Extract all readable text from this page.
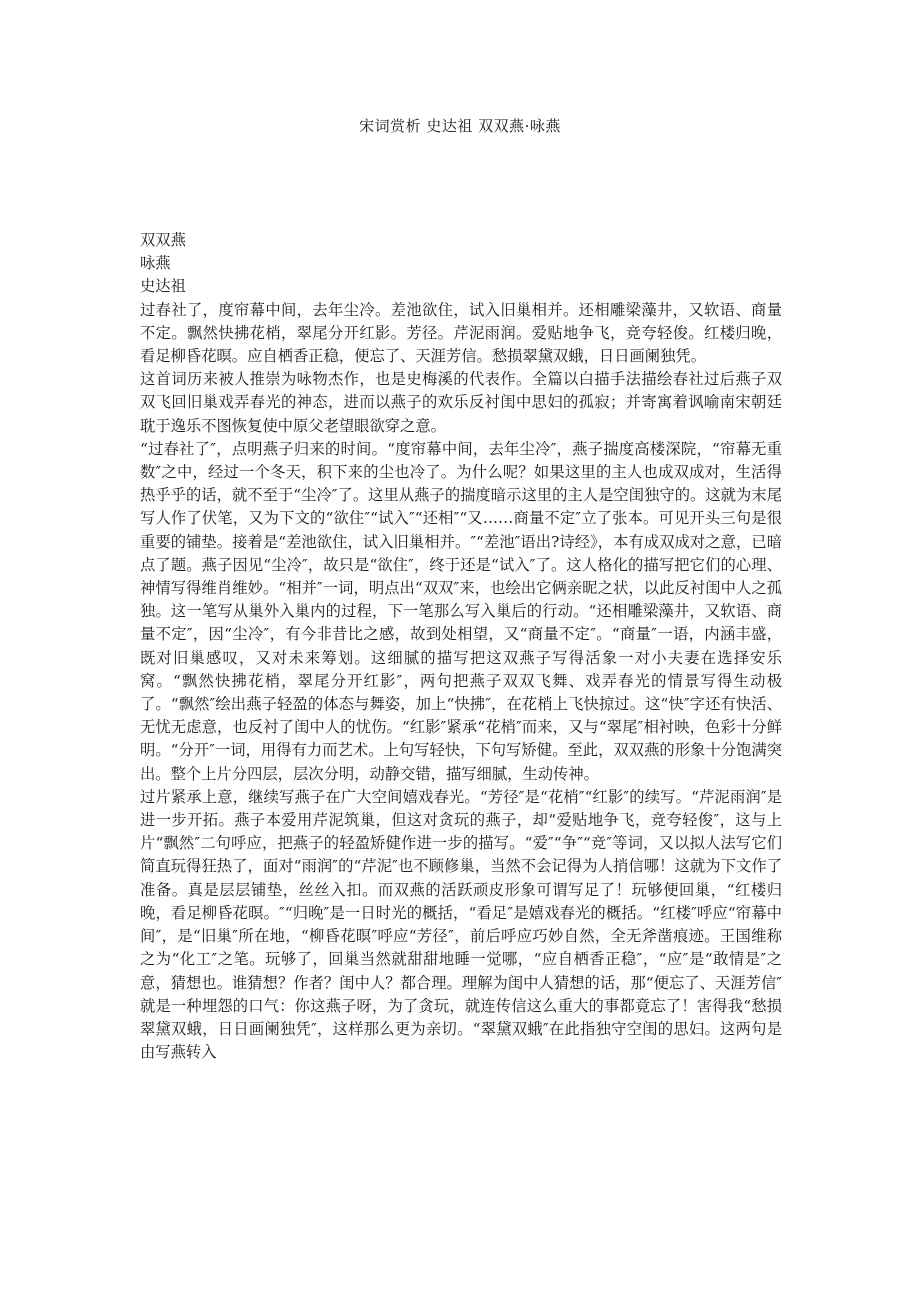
宋词赏析 史达祖 双双燕·咏燕

双双燕

咏燕

史达祖

过春社了，度帘幕中间，去年尘冷。差池欲住，试入旧巢相并。还相雕梁藻井，又软语、商量不定。飘然快拂花梢，翠尾分开红影。芳径。芹泥雨润。爱贴地争飞，竞夸轻俊。红楼归晚，看足柳昏花暝。应自栖香正稳，便忘了、天涯芳信。愁损翠黛双蛾，日日画阑独凭。

这首词历来被人推崇为咏物杰作，也是史梅溪的代表作。全篇以白描手法描绘春社过后燕子双双飞回旧巢戏弄春光的神态，进而以燕子的欢乐反衬闺中思妇的孤寂；并寄寓着讽喻南宋朝廷耽于逸乐不图恢复使中原父老望眼欲穿之意。

“过春社了″，点明燕子归来的时间。“度帘幕中间，去年尘冷″，燕子揣度高楼深院，“帘幕无重数″之中，经过一个冬天，积下来的尘也冷了。为什么呢？如果这里的主人也成双成对，生活得热乎乎的话，就不至于“尘冷″了。这里从燕子的揣度暗示这里的主人是空闺独守的。这就为末尾写人作了伏笔，又为下文的“欲住″“试入″“还相″“又……商量不定″立了张本。可见开头三句是很重要的铺垫。接着是“差池欲住，试入旧巢相并。″“差池″语出?诗经》，本有成双成对之意，已暗点了题。燕子因见“尘冷″，故只是“欲住″，终于还是“试入″了。这人格化的描写把它们的心理、神情写得维肖维妙。“相并″一词，明点出“双双″来，也绘出它俩亲昵之状，以此反衬闺中人之孤独。这一笔写从巢外入巢内的过程，下一笔那么写入巢后的行动。“还相雕梁藻井，又软语、商量不定″，因“尘冷″，有今非昔比之感，故到处相望，又“商量不定″。“商量″一语，内涵丰盛，既对旧巢感叹，又对未来筹划。这细腻的描写把这双燕子写得活象一对小夫妻在选择安乐窝。“飘然快拂花梢，翠尾分开红影″，两句把燕子双双飞舞、戏弄春光的情景写得生动极了。“飘然″绘出燕子轻盈的体态与舞姿，加上“快拂″，在花梢上飞快掠过。这“快″字还有快活、无忧无虑意，也反衬了闺中人的忧伤。“红影″紧承“花梢″而来，又与“翠尾″相衬映，色彩十分鲜明。“分开″一词，用得有力而艺术。上句写轻快，下句写矫健。至此，双双燕的形象十分饱满突出。整个上片分四层，层次分明，动静交错，描写细腻，生动传神。

过片紧承上意，继续写燕子在广大空间嬉戏春光。“芳径″是“花梢″“红影″的续写。“芹泥雨润″是进一步开拓。燕子本爱用芹泥筑巢，但这对贪玩的燕子，却“爱贴地争飞，竞夸轻俊″，这与上片“飘然″二句呼应，把燕子的轻盈矫健作进一步的描写。“爱″“争″“竞″等词，又以拟人法写它们简直玩得狂热了，面对“雨润″的“芹泥″也不顾修巢，当然不会记得为人捎信哪！这就为下文作了准备。真是层层铺垫，丝丝入扣。而双燕的活跃顽皮形象可谓写足了！玩够便回巢，“红楼归晚，看足柳昏花暝。″“归晚″是一日时光的概括，“看足″是嬉戏春光的概括。“红楼″呼应“帘幕中间″，是“旧巢″所在地，“柳昏花暝″呼应“芳径″，前后呼应巧妙自然，全无斧凿痕迹。王国维称之为“化工″之笔。玩够了，回巢当然就甜甜地睡一觉哪，“应自栖香正稳″，“应″是“敢情是″之意，猜想也。谁猜想？作者？闺中人？都合理。理解为闺中人猜想的话，那“便忘了、天涯芳信″就是一种埋怨的口气：你这燕子呀，为了贪玩，就连传信这么重大的事都竟忘了！害得我“愁损翠黛双蛾，日日画阑独凭″，这样那么更为亲切。“翠黛双蛾″在此指独守空闺的思妇。这两句是由写燕转入
